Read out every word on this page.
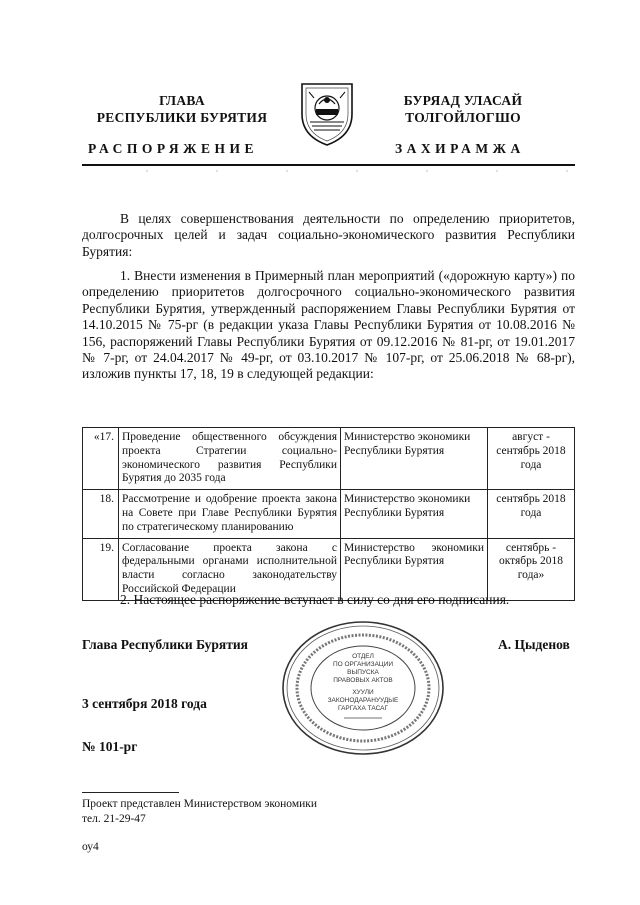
ГЛАВА
РЕСПУБЛИКИ БУРЯТИЯ
БУРЯАД УЛАСАЙ
ТОЛГОЙЛОГШО
РАСПОРЯЖЕНИЕ	ЗАХИРАМЖА
В целях совершенствования деятельности по определению приоритетов, долгосрочных целей и задач социально-экономического развития Республики Бурятия:
1. Внести изменения в Примерный план мероприятий («дорожную карту») по определению приоритетов долгосрочного социально-экономического развития Республики Бурятия, утвержденный распоряжением Главы Республики Бурятия от 14.10.2015 № 75-рг (в редакции указа Главы Республики Бурятия от 10.08.2016 № 156, распоряжений Главы Республики Бурятия от 09.12.2016 № 81-рг, от 19.01.2017 № 7-рг, от 24.04.2017 № 49-рг, от 03.10.2017 № 107-рг, от 25.06.2018 № 68-рг), изложив пункты 17, 18, 19 в следующей редакции:
«17.	Проведение общественного обсуждения проекта Стратегии социально-экономического развития Республики Бурятия до 2035 года	Министерство экономики Республики Бурятия	август - сентябрь 2018 года
18.	Рассмотрение и одобрение проекта закона на Совете при Главе Республики Бурятия по стратегическому планированию	Министерство экономики Республики Бурятия	сентябрь 2018 года
19.	Согласование проекта закона с федеральными органами исполнительной власти согласно законодательству Российской Федерации	Министерство экономики Республики Бурятия	сентябрь - октябрь 2018 года»
2. Настоящее распоряжение вступает в силу со дня его подписания.
Глава Республики Бурятия	А. Цыденов
ОТДЕЛ
ПО ОРГАНИЗАЦИИ
ВЫПУСКА
ПРАВОВЫХ АКТОВ
ХУУЛИ
ЗАКОНОДАРАНУУДЫЕ
ГАРГАХА ТАСАГ
3 сентября 2018 года
№ 101-рг
Проект представлен Министерством экономики
тел. 21-29-47
оу4
